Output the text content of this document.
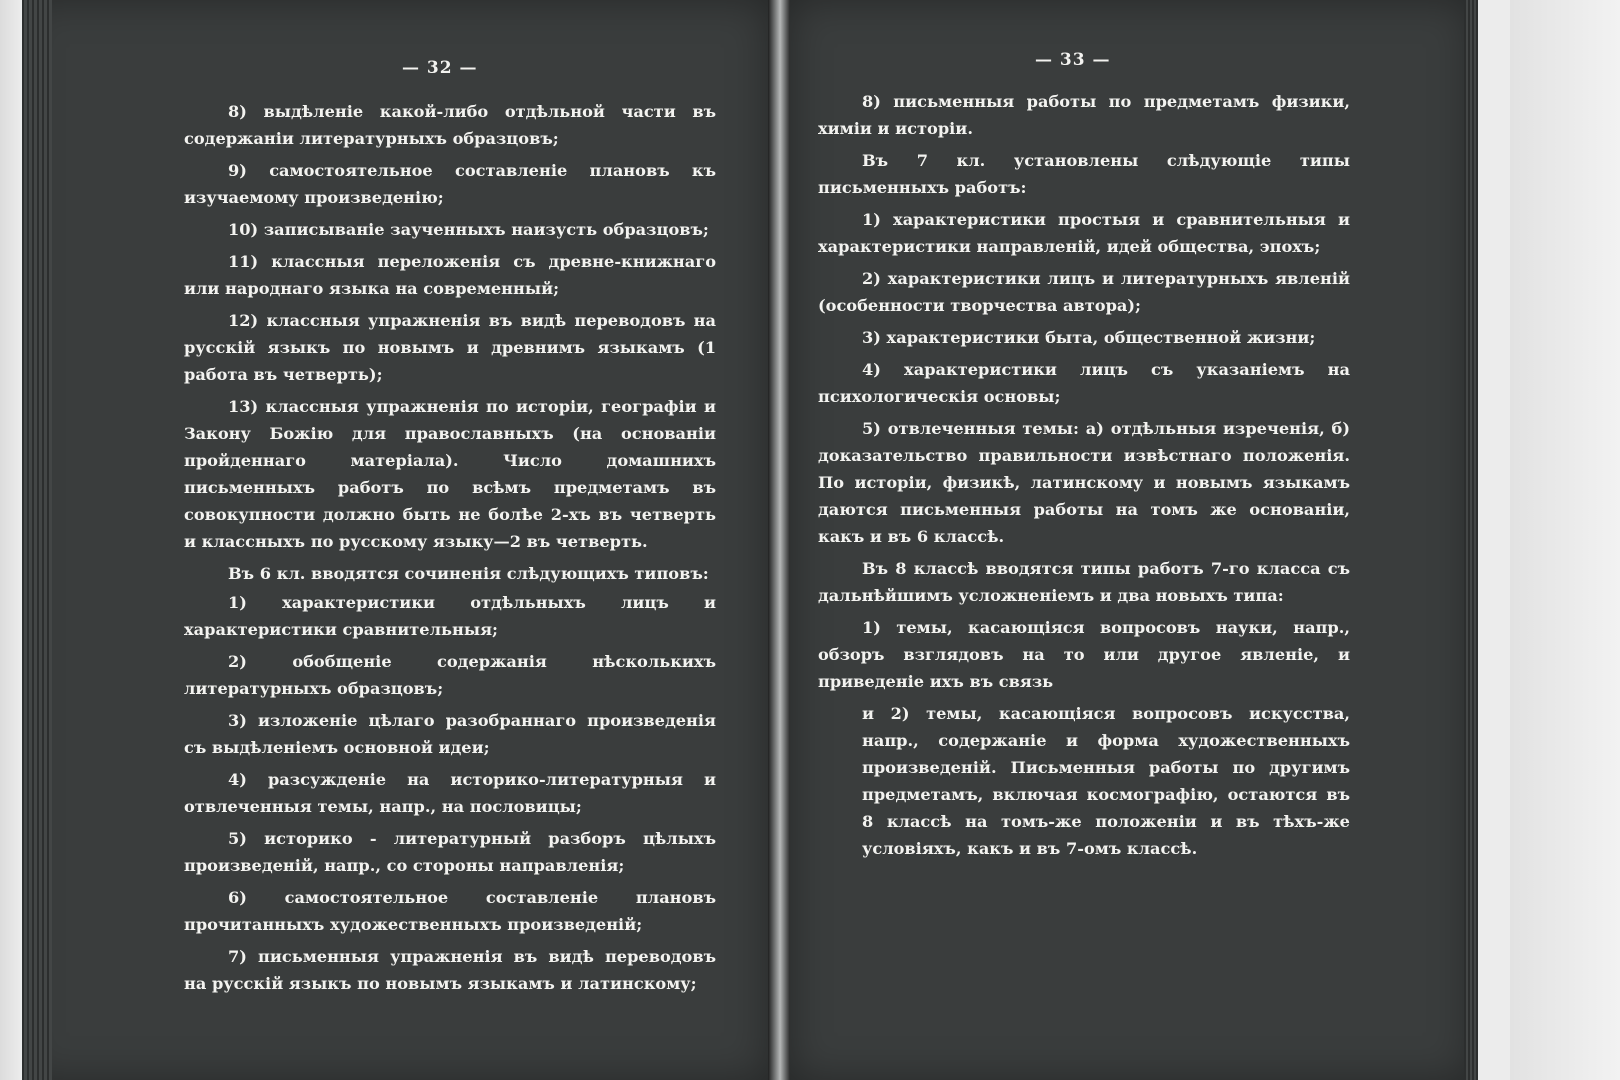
— 32 —

8) выдѣленіе какой-либо отдѣльной части въ содержаніи литературныхъ образцовъ;

9) самостоятельное составленіе плановъ къ изучаемому произведенію;

10) записываніе заученныхъ наизусть образцовъ;

11) классныя переложенія съ древне-книжнаго или народнаго языка на современный;

12) классныя упражненія въ видѣ переводовъ на русскій языкъ по новымъ и древнимъ языкамъ (1 работа въ четверть);

13) классныя упражненія по исторіи, географіи и Закону Божію для православныхъ (на основаніи пройденнаго матеріала). Число домашнихъ письменныхъ работъ по всѣмъ предметамъ въ совокупности должно быть не болѣе 2-хъ въ четверть и классныхъ по русскому языку—2 въ четверть.

Въ 6 кл. вводятся сочиненія слѣдующихъ типовъ:

1) характеристики отдѣльныхъ лицъ и характеристики сравнительныя;

2) обобщеніе содержанія нѣсколькихъ литературныхъ образцовъ;

3) изложеніе цѣлаго разобраннаго произведенія съ выдѣленіемъ основной идеи;

4) разсужденіе на историко-литературныя и отвлеченныя темы, напр., на пословицы;

5) историко - литературный разборъ цѣлыхъ произведеній, напр., со стороны направленія;

6) самостоятельное составленіе плановъ прочитанныхъ художественныхъ произведеній;

7) письменныя упражненія въ видѣ переводовъ на русскій языкъ по новымъ языкамъ и латинскому;

— 33 —

8) письменныя работы по предметамъ физики, химіи и исторіи.

Въ 7 кл. установлены слѣдующіе типы письменныхъ работъ:

1) характеристики простыя и сравнительныя и характеристики направленій, идей общества, эпохъ;

2) характеристики лицъ и литературныхъ явленій (особенности творчества автора);

3) характеристики быта, общественной жизни;

4) характеристики лицъ съ указаніемъ на психологическія основы;

5) отвлеченныя темы: а) отдѣльныя изреченія, б) доказательство правильности извѣстнаго положенія. По исторіи, физикѣ, латинскому и новымъ языкамъ даются письменныя работы на томъ же основаніи, какъ и въ 6 классѣ.

Въ 8 классѣ вводятся типы работъ 7-го класса съ дальнѣйшимъ усложненіемъ и два новыхъ типа:

1) темы, касающіяся вопросовъ науки, напр., обзоръ взглядовъ на то или другое явленіе, и приведеніе ихъ въ связь

и 2) темы, касающіяся вопросовъ искусства, напр., содержаніе и форма художественныхъ произведеній. Письменныя работы по другимъ предметамъ, включая космографію, остаются въ 8 классѣ на томъ-же положеніи и въ тѣхъ-же условіяхъ, какъ и въ 7-омъ классѣ.
